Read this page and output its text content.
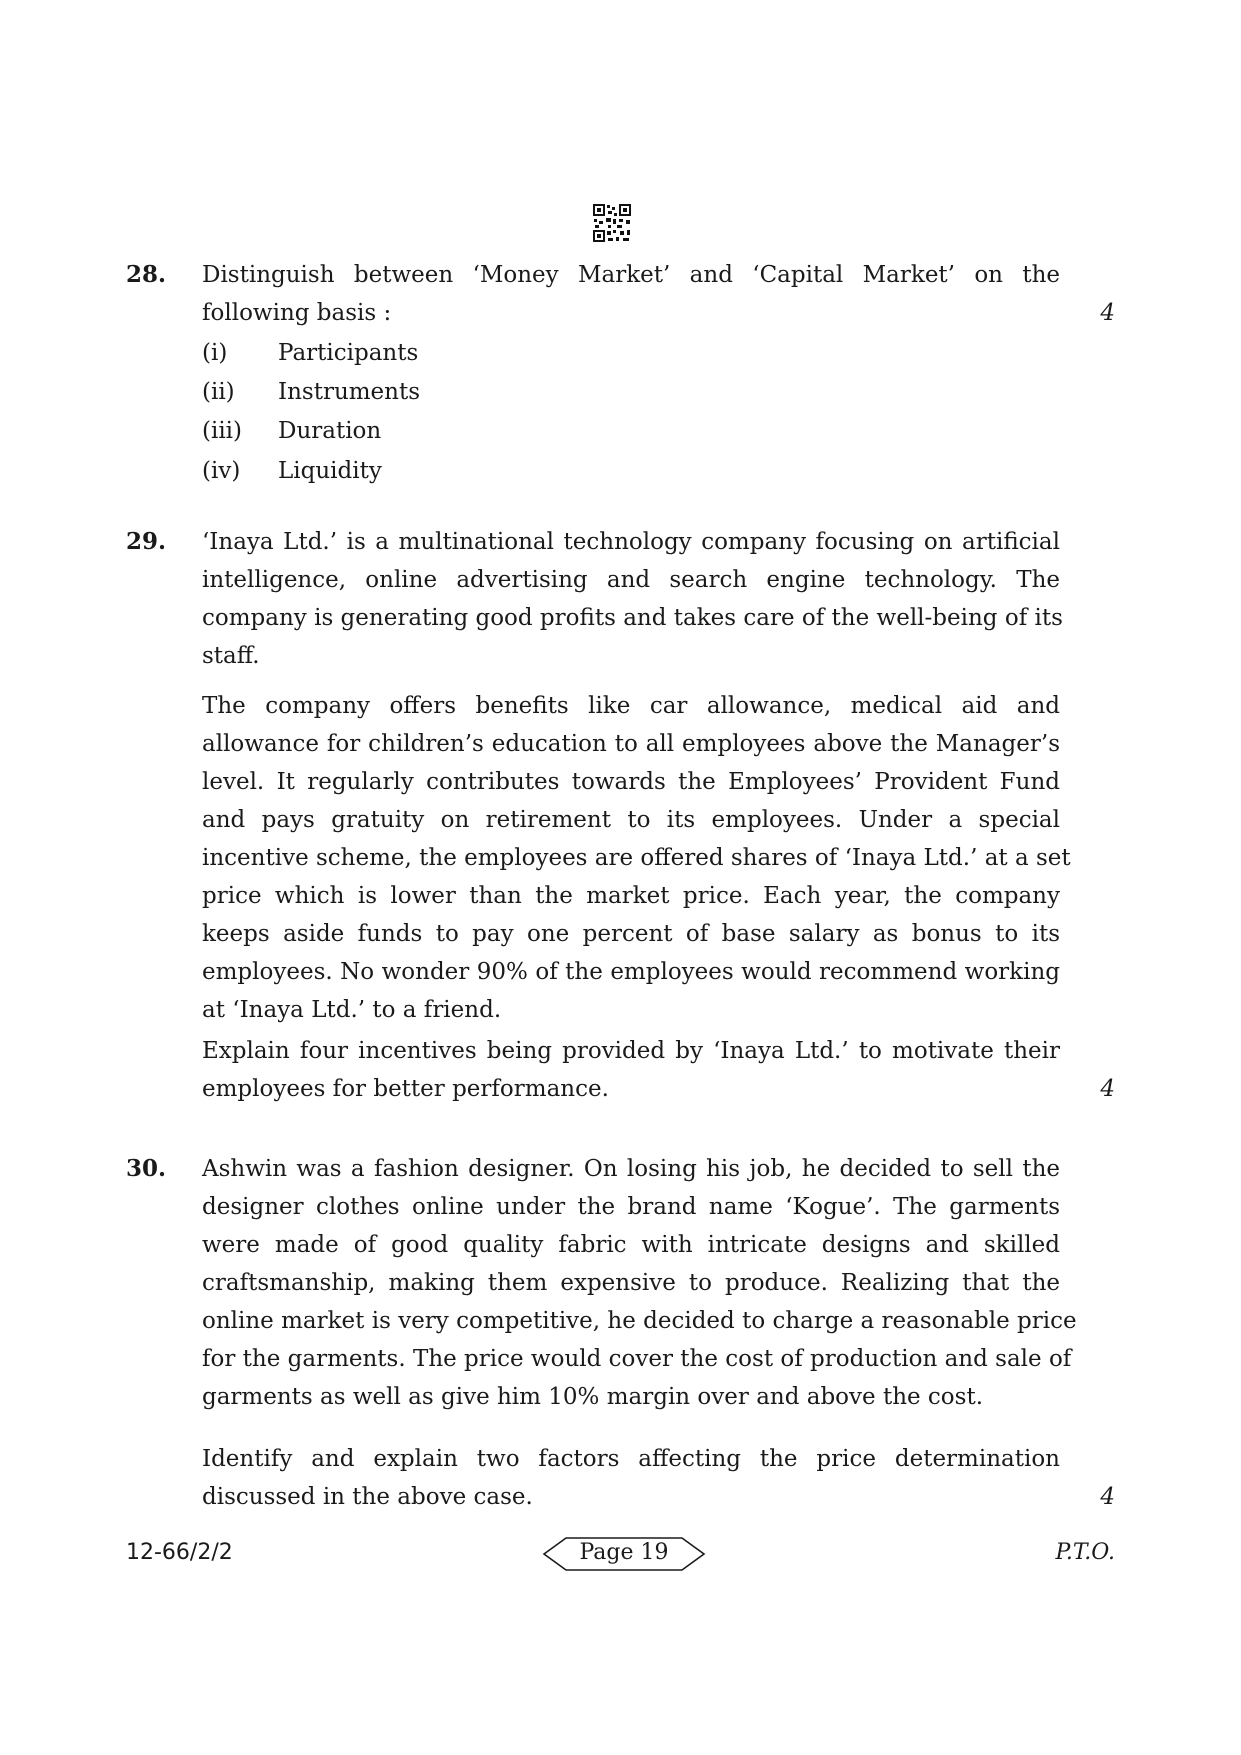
28. Distinguish between ‘Money Market’ and ‘Capital Market’ on the
following basis :	4
(i) Participants
(ii) Instruments
(iii) Duration
(iv) Liquidity
29. ‘Inaya Ltd.’ is a multinational technology company focusing on artificial
intelligence, online advertising and search engine technology. The
company is generating good profits and takes care of the well-being of its
staff.
The company offers benefits like car allowance, medical aid and
allowance for children’s education to all employees above the Manager’s
level. It regularly contributes towards the Employees’ Provident Fund
and pays gratuity on retirement to its employees. Under a special
incentive scheme, the employees are offered shares of ‘Inaya Ltd.’ at a set
price which is lower than the market price. Each year, the company
keeps aside funds to pay one percent of base salary as bonus to its
employees. No wonder 90% of the employees would recommend working
at ‘Inaya Ltd.’ to a friend.
Explain four incentives being provided by ‘Inaya Ltd.’ to motivate their
employees for better performance.	4
30. Ashwin was a fashion designer. On losing his job, he decided to sell the
designer clothes online under the brand name ‘Kogue’. The garments
were made of good quality fabric with intricate designs and skilled
craftsmanship, making them expensive to produce. Realizing that the
online market is very competitive, he decided to charge a reasonable price
for the garments. The price would cover the cost of production and sale of
garments as well as give him 10% margin over and above the cost.
Identify and explain two factors affecting the price determination
discussed in the above case.	4
12-66/2/2	Page 19	P.T.O.
